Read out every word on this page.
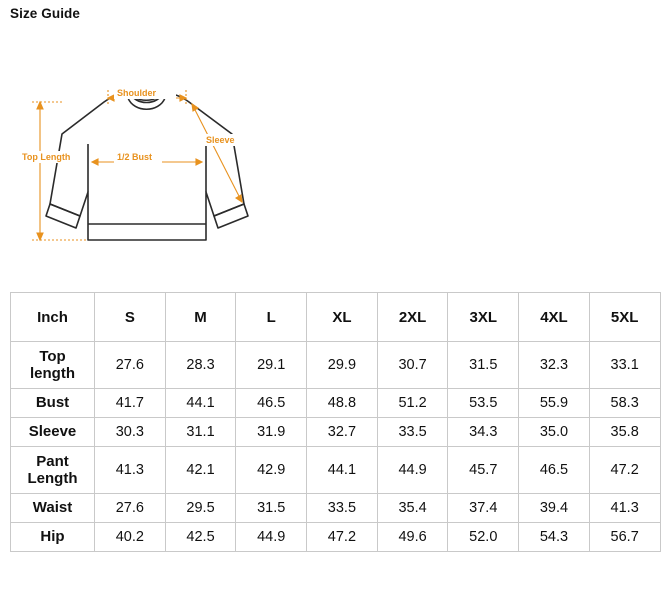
Size Guide
Shoulder
Top Length	1/2 Bust
Sleeve
Inch	S	M	L	XL	2XL	3XL	4XL	5XL

Top length	27.6	28.3	29.1	29.9	30.7	31.5	32.3	33.1

Bust	41.7	44.1	46.5	48.8	51.2	53.5	55.9	58.3

Sleeve	30.3	31.1	31.9	32.7	33.5	34.3	35.0	35.8

Pant Length	41.3	42.1	42.9	44.1	44.9	45.7	46.5	47.2

Waist	27.6	29.5	31.5	33.5	35.4	37.4	39.4	41.3

Hip	40.2	42.5	44.9	47.2	49.6	52.0	54.3	56.7
